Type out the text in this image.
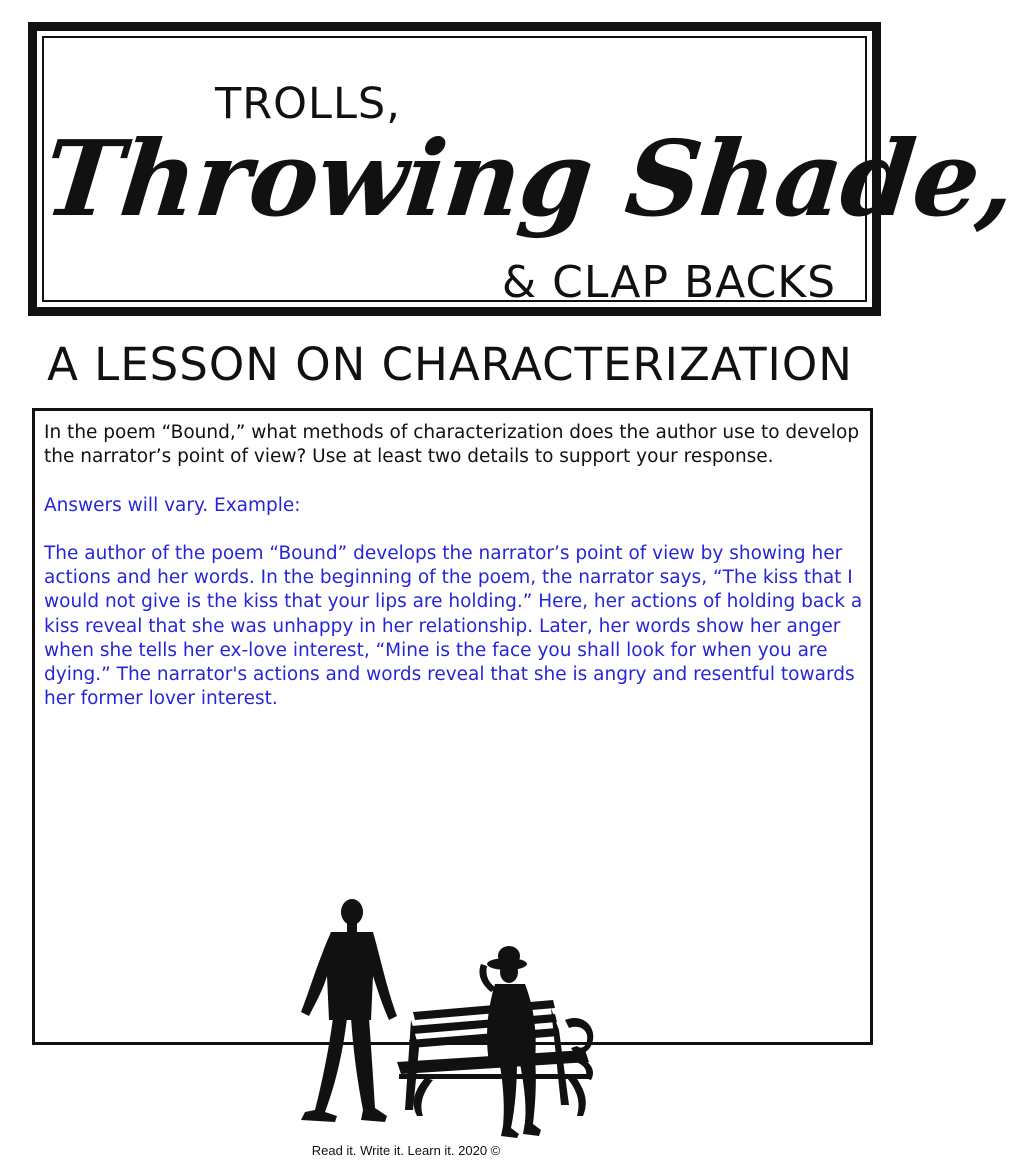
TROLLS,
Throwing Shade,
& CLAP BACKS
A LESSON ON CHARACTERIZATION
In the poem “Bound,” what methods of characterization does the author use to develop the narrator’s point of view? Use at least two details to support your response.
Answers will vary. Example:
The author of the poem “Bound” develops the narrator’s point of view by showing her actions and her words. In the beginning of the poem, the narrator says, “The kiss that I would not give is the kiss that your lips are holding.” Here, her actions of holding back a kiss reveal that she was unhappy in her relationship. Later, her words show her anger when she tells her ex-love interest, “Mine is the face you shall look for when you are dying.” The narrator's actions and words reveal that she is angry and resentful towards her former lover interest.
Read it. Write it. Learn it. 2020 ©
